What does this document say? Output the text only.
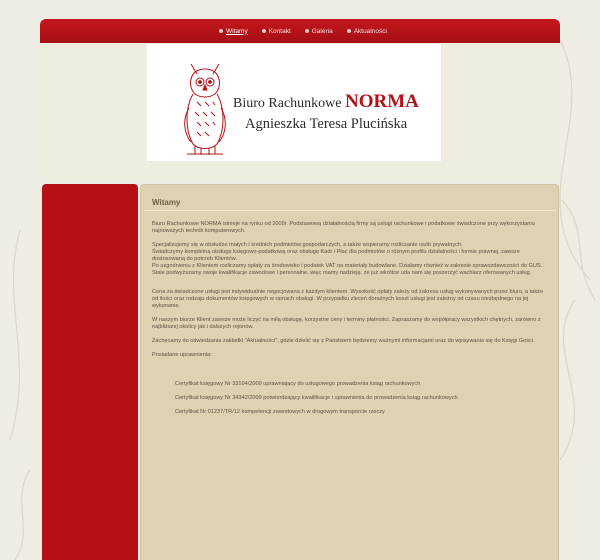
Witamy	Kontakt	Galeria	Aktualności
Witamy

Biuro Rachunkowe NORMA istnieje na rynku od 2009r. Podstawową działalnością firmy są usługi rachunkowe i podatkowe świadczone przy wykorzystaniu najnowszych technik komputerowych.

Specjalizujemy się w obsłudze małych i średnich podmiotów gospodarczych, a także wspieramy rozliczanie osób prywatnych.

Świadczymy kompletną obsługę księgowo-podatkową oraz obsługę Kadr i Płac dla podmiotów o różnym profilu działalności i formie prawnej, zawsze dostosowaną do potrzeb Klientów.

Po uzgodnieniu z Klientem rozliczamy opłaty za środowisko i podatek VAT na materiały budowlane. Działamy również w zakresie sprawozdawczości do GUS. Stale podwyższamy swoje kwalifikacje zawodowe i personalne, więc mamy nadzieję, że już wkrótce uda nam się poszerzyć wachlarz oferowanych usług.

Cena za świadczone usługi jest indywidualnie negocjowana z każdym klientem. Wysokość opłaty zależy od zakresu usług wykonywanych przez biuro, a także od ilości oraz rodzaju dokumentów księgowych w ramach obsługi. W przypadku zleceń doraźnych koszt usługi jest zależny od czasu niezbędnego na jej wykonanie.

W naszym biurze Klient zawsze może liczyć na miłą obsługę, korzystne ceny i terminy płatności. Zapraszamy do współpracy wszystkich chętnych, zarówno z najbliższej okolicy jak i dalszych rejonów.

Zachęcamy do odwiedzania zakładki "Aktualności", gdzie dzielić się z Państwem będziemy ważnymi informacjami oraz do wpisywania się do Księgi Gości.

Posiadane uprawnienia:

Certyfikat księgowy Nr 33104/2009 uprawniający do usługowego prowadzenia ksiąg rachunkowych

Certyfikat księgowy Nr 34342/2009 potwierdzający kwalifikacje i uprawnienia do prowadzenia ksiąg rachunkowych

Certyfikat Nr 01237/TR/12 kompetencji zawodowych w drogowym transporcie rzeczy

Biuro Rachunkowe NORMA
Agnieszka Teresa Plucińska
